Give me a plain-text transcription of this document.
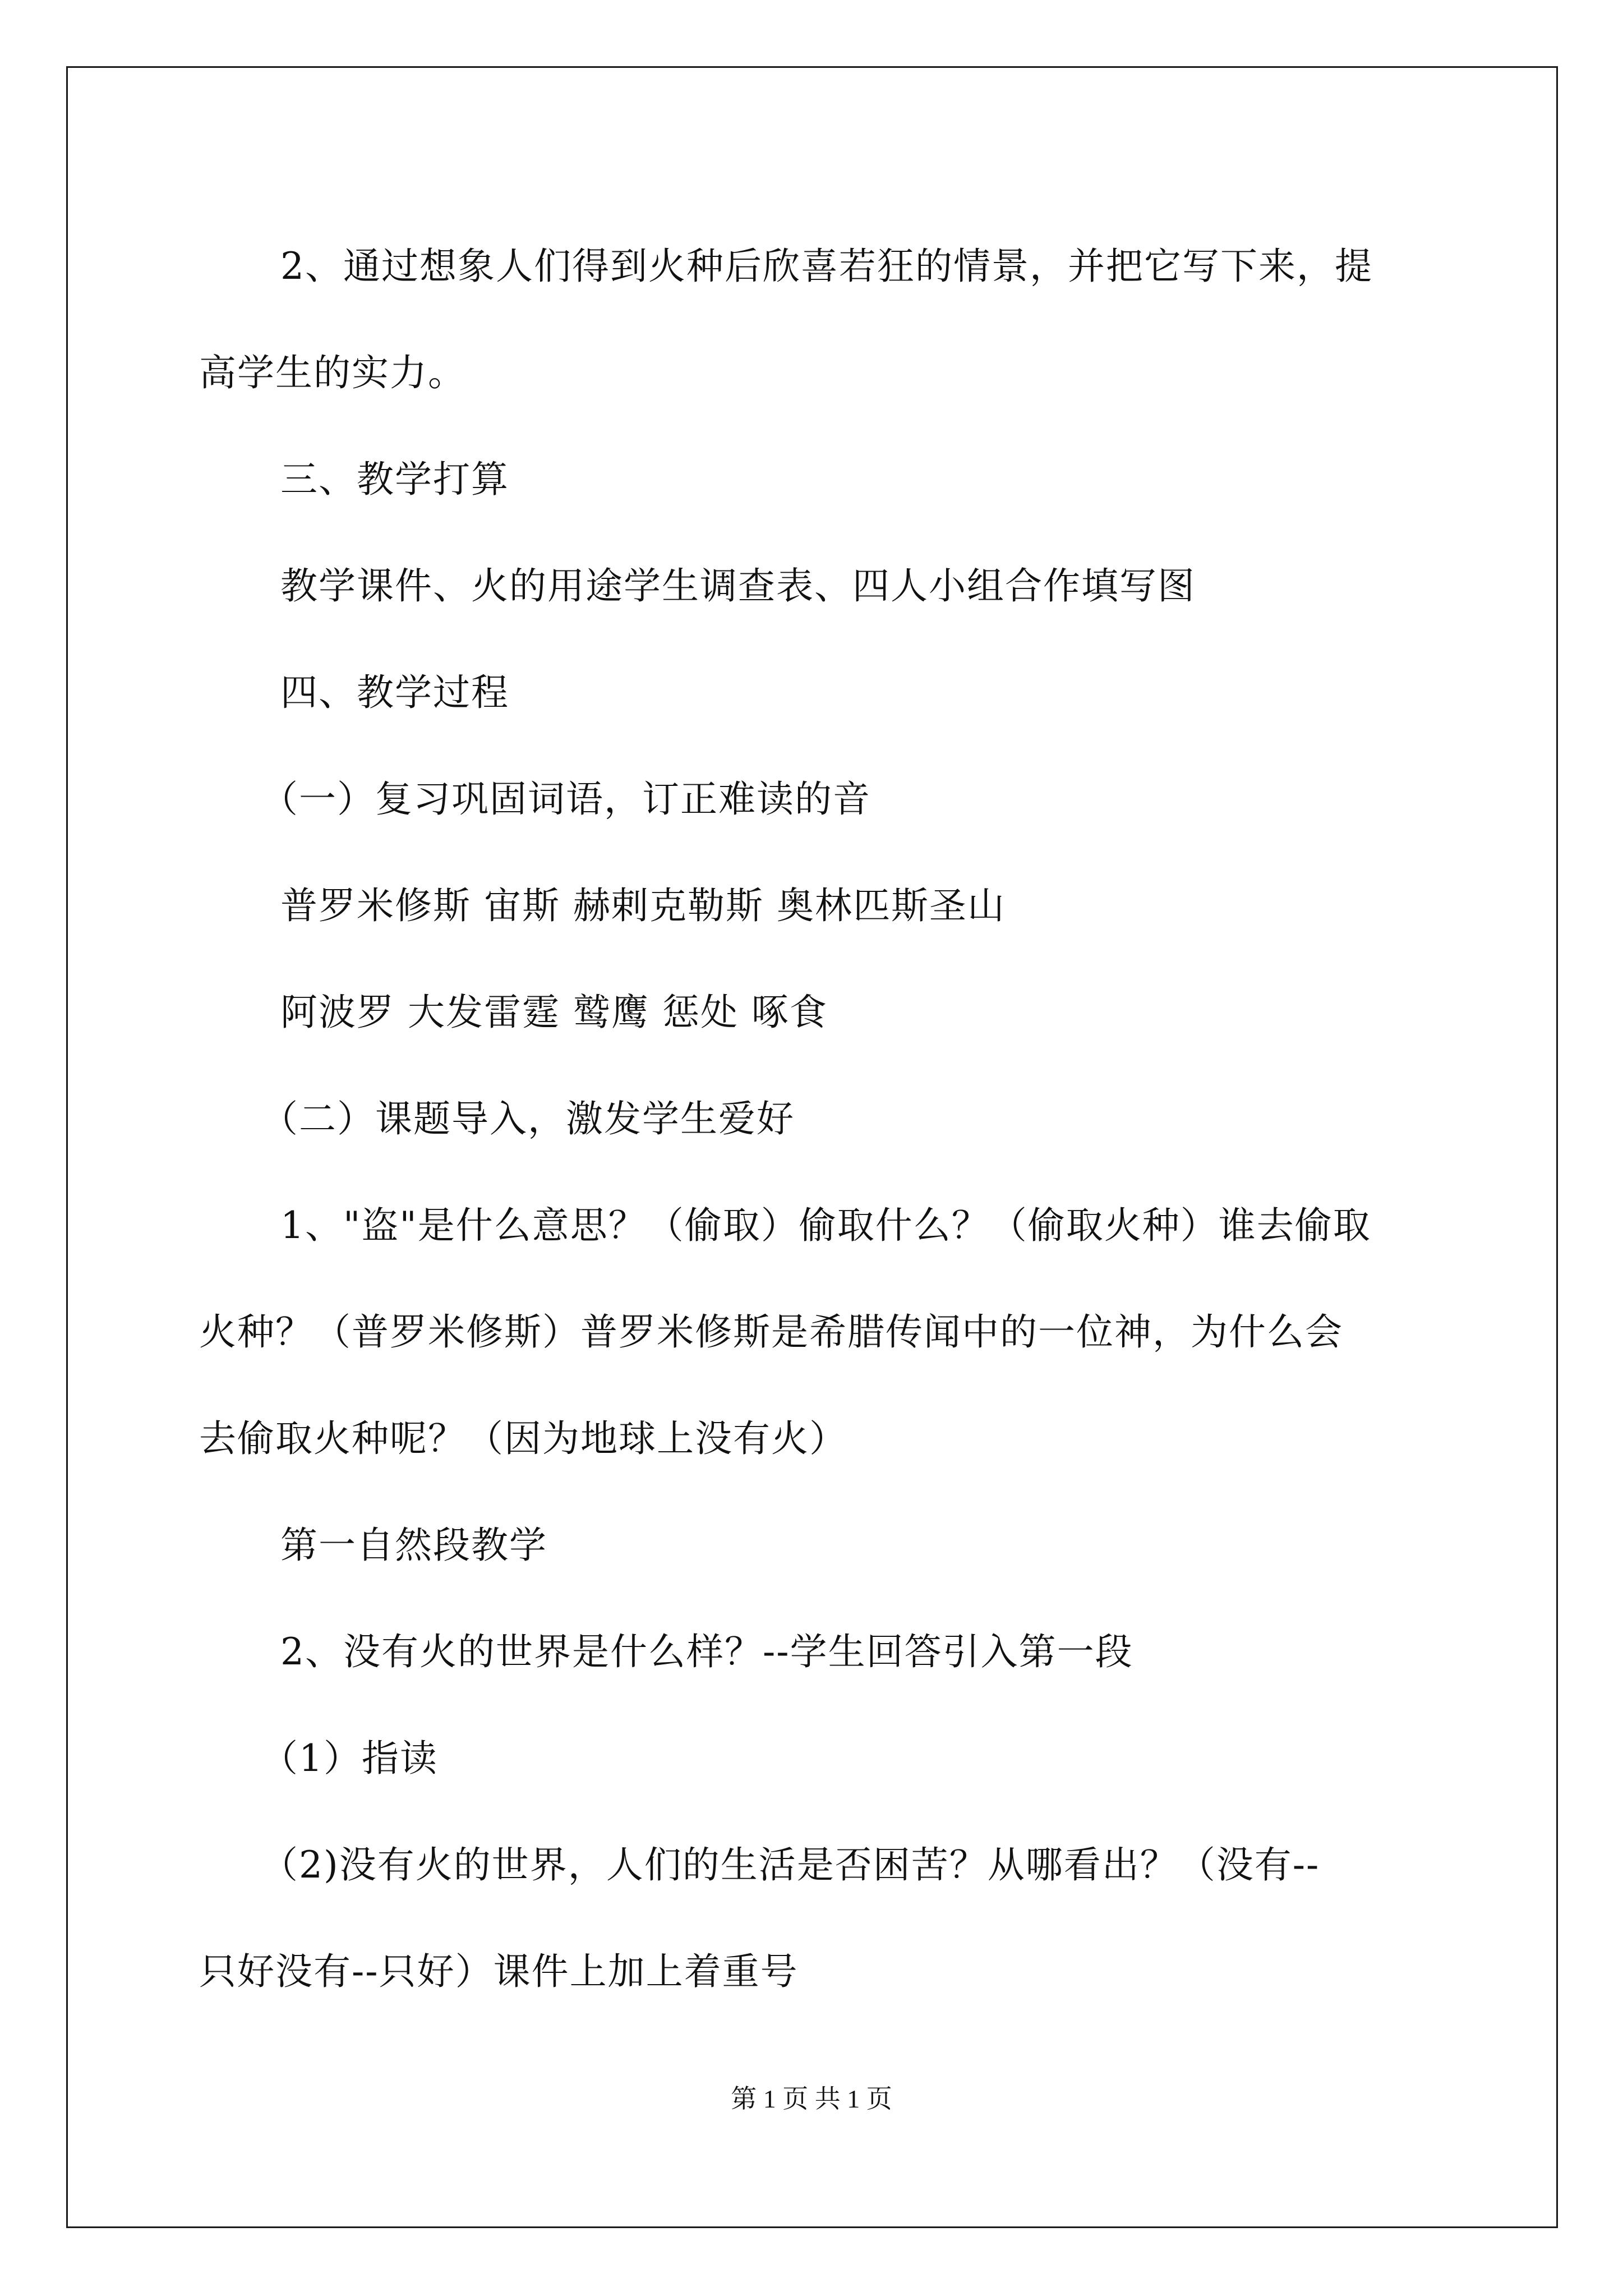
2、通过想象人们得到火种后欣喜若狂的情景，并把它写下来，提

高学生的实力。

三、教学打算

教学课件、火的用途学生调查表、四人小组合作填写图

四、教学过程

（一）复习巩固词语，订正难读的音

普罗米修斯 宙斯 赫剌克勒斯 奥林匹斯圣山

阿波罗 大发雷霆 鹫鹰 惩处 啄食

（二）课题导入，激发学生爱好

1、"盗"是什么意思？（偷取）偷取什么？（偷取火种）谁去偷取

火种？（普罗米修斯）普罗米修斯是希腊传闻中的一位神，为什么会

去偷取火种呢？（因为地球上没有火）

第一自然段教学

2、没有火的世界是什么样？--学生回答引入第一段

（1）指读

（2)没有火的世界，人们的生活是否困苦？从哪看出？（没有--

只好没有--只好）课件上加上着重号

第 1 页 共 1 页
